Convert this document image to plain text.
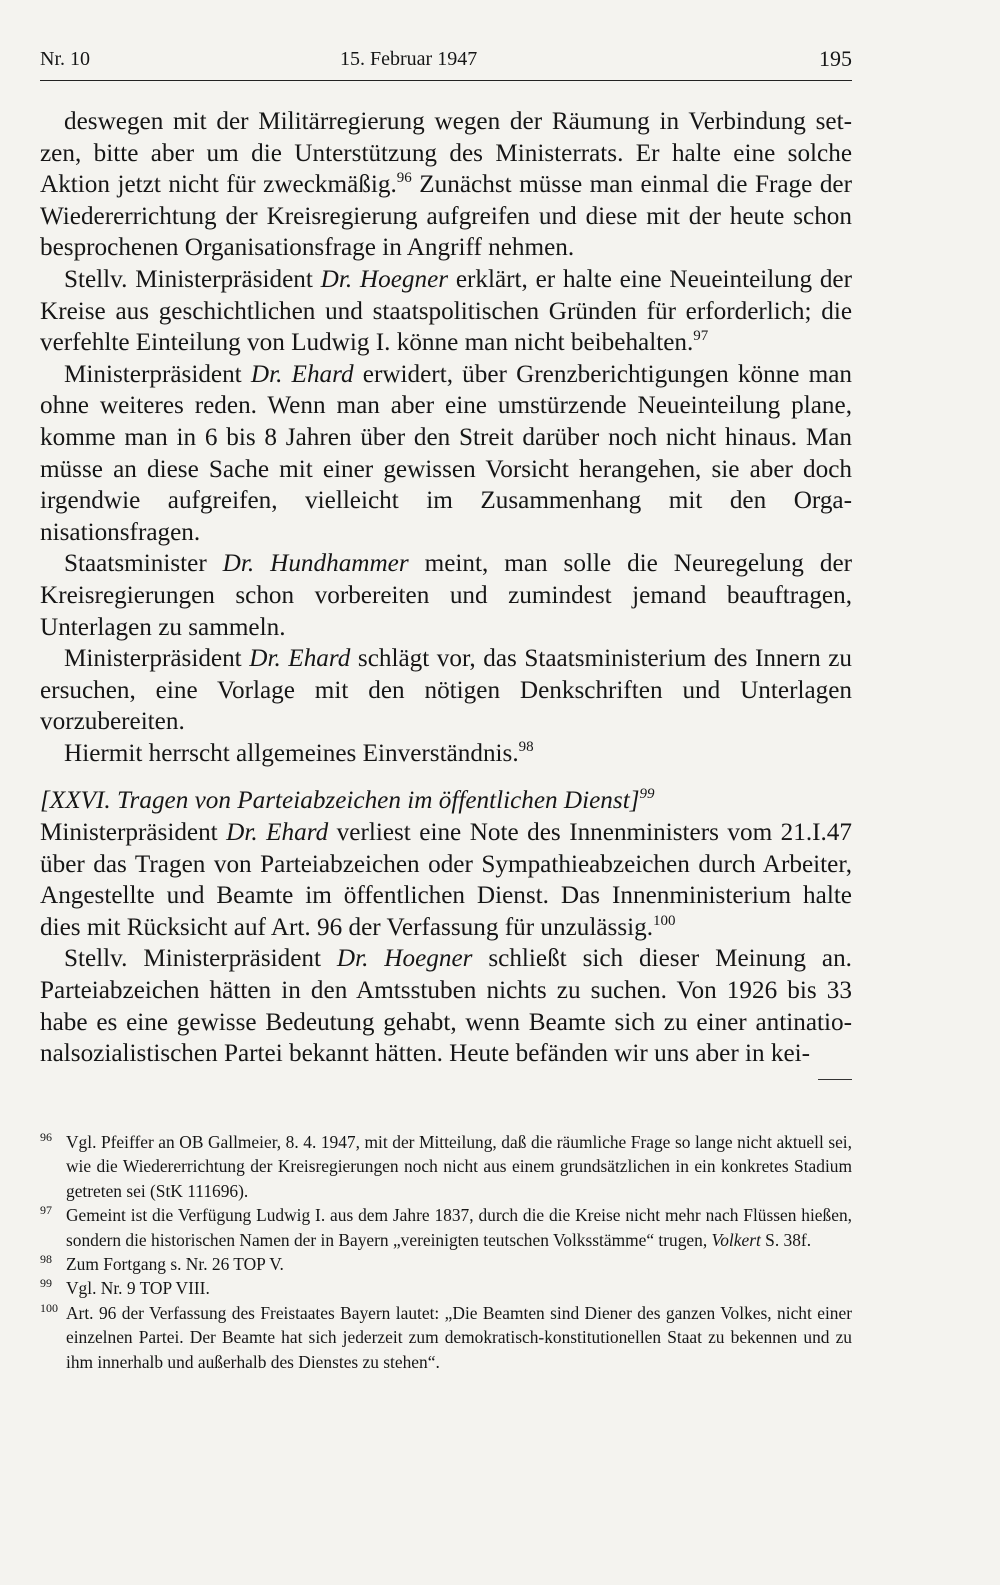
Nr. 10	15. Februar 1947	195

deswegen mit der Militärregierung wegen der Räumung in Verbindung setzen, bitte aber um die Unterstützung des Ministerrats. Er halte eine solche Aktion jetzt nicht für zweckmäßig.$^{96}$ Zunächst müsse man einmal die Frage der Wiedererrichtung der Kreisregierung aufgreifen und diese mit der heute schon besprochenen Organisationsfrage in Angriff nehmen.

Stellv. Ministerpräsident Dr. Hoegner erklärt, er halte eine Neueinteilung der Kreise aus geschichtlichen und staatspolitischen Gründen für erforderlich; die verfehlte Einteilung von Ludwig I. könne man nicht beibehalten.$^{97}$

Ministerpräsident Dr. Ehard erwidert, über Grenzberichtigungen könne man ohne weiteres reden. Wenn man aber eine umstürzende Neueinteilung plane, komme man in 6 bis 8 Jahren über den Streit darüber noch nicht hinaus. Man müsse an diese Sache mit einer gewissen Vorsicht herangehen, sie aber doch irgendwie aufgreifen, vielleicht im Zusammenhang mit den Organisationsfragen.

Staatsminister Dr. Hundhammer meint, man solle die Neuregelung der Kreisregierungen schon vorbereiten und zumindest jemand beauftragen, Unterlagen zu sammeln.

Ministerpräsident Dr. Ehard schlägt vor, das Staatsministerium des Innern zu ersuchen, eine Vorlage mit den nötigen Denkschriften und Unterlagen vorzubereiten.

Hiermit herrscht allgemeines Einverständnis.$^{98}$

[XXVI. Tragen von Parteiabzeichen im öffentlichen Dienst]$^{99}$

Ministerpräsident Dr. Ehard verliest eine Note des Innenministers vom 21.I.47 über das Tragen von Parteiabzeichen oder Sympathieabzeichen durch Arbeiter, Angestellte und Beamte im öffentlichen Dienst. Das Innenministerium halte dies mit Rücksicht auf Art. 96 der Verfassung für unzulässig.$^{100}$

Stellv. Ministerpräsident Dr. Hoegner schließt sich dieser Meinung an. Parteiabzeichen hätten in den Amtsstuben nichts zu suchen. Von 1926 bis 33 habe es eine gewisse Bedeutung gehabt, wenn Beamte sich zu einer antinationalsozialistischen Partei bekannt hätten. Heute befänden wir uns aber in kei-

96 Vgl. Pfeiffer an OB Gallmeier, 8. 4. 1947, mit der Mitteilung, daß die räumliche Frage so lange nicht aktuell sei, wie die Wiedererrichtung der Kreisregierungen noch nicht aus einem grundsätzlichen in ein konkretes Stadium getreten sei (StK 111696).
97 Gemeint ist die Verfügung Ludwig I. aus dem Jahre 1837, durch die die Kreise nicht mehr nach Flüssen hießen, sondern die historischen Namen der in Bayern „vereinigten teutschen Volksstämme“ trugen, Volkert S. 38f.
98 Zum Fortgang s. Nr. 26 TOP V.
99 Vgl. Nr. 9 TOP VIII.
100 Art. 96 der Verfassung des Freistaates Bayern lautet: „Die Beamten sind Diener des ganzen Volkes, nicht einer einzelnen Partei. Der Beamte hat sich jederzeit zum demokratisch-konstitutionellen Staat zu bekennen und zu ihm innerhalb und außerhalb des Dienstes zu stehen“.
